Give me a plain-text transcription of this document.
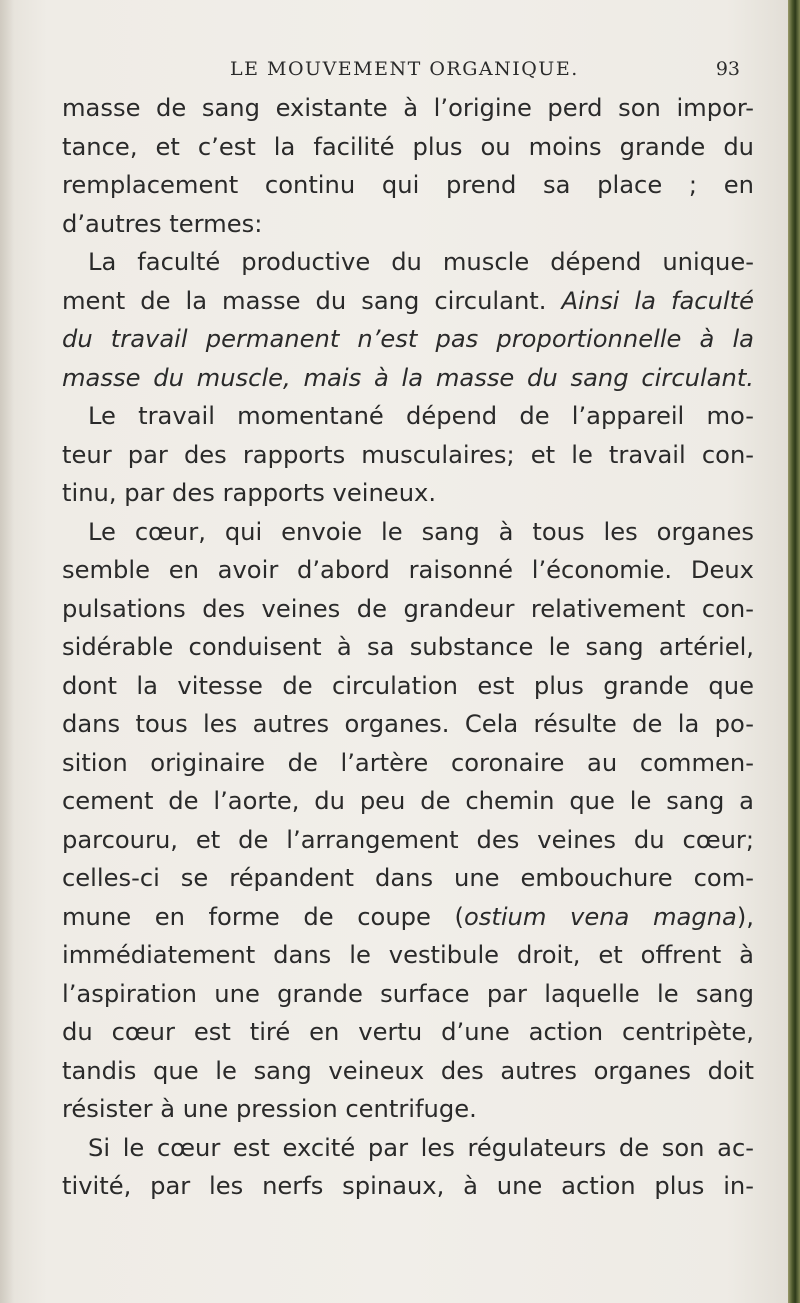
LE MOUVEMENT ORGANIQUE.	93
masse de sang existante à l’origine perd son impor-
tance, et c’est la facilité plus ou moins grande du
remplacement continu qui prend sa place ; en
d’autres termes:
La faculté productive du muscle dépend unique-
ment de la masse du sang circulant. Ainsi la faculté
du travail permanent n’est pas proportionnelle à la
masse du muscle, mais à la masse du sang circulant.
Le travail momentané dépend de l’appareil mo-
teur par des rapports musculaires; et le travail con-
tinu, par des rapports veineux.
Le cœur, qui envoie le sang à tous les organes
semble en avoir d’abord raisonné l’économie. Deux
pulsations des veines de grandeur relativement con-
sidérable conduisent à sa substance le sang artériel,
dont la vitesse de circulation est plus grande que
dans tous les autres organes. Cela résulte de la po-
sition originaire de l’artère coronaire au commen-
cement de l’aorte, du peu de chemin que le sang a
parcouru, et de l’arrangement des veines du cœur;
celles-ci se répandent dans une embouchure com-
mune en forme de coupe (ostium vena magna),
immédiatement dans le vestibule droit, et offrent à
l’aspiration une grande surface par laquelle le sang
du cœur est tiré en vertu d’une action centripète,
tandis que le sang veineux des autres organes doit
résister à une pression centrifuge.
Si le cœur est excité par les régulateurs de son ac-
tivité, par les nerfs spinaux, à une action plus in-
